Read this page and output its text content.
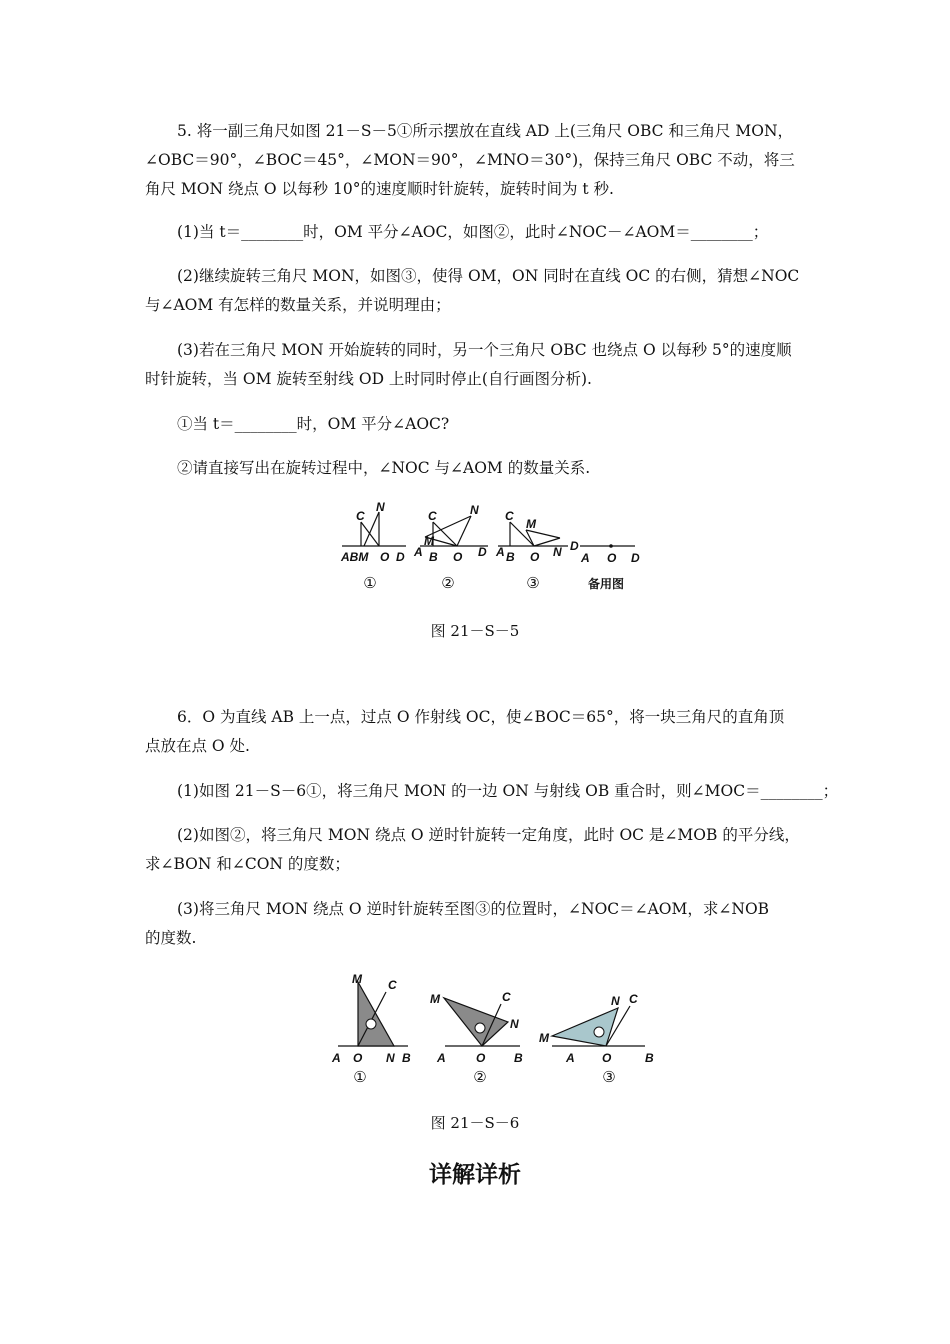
5. 将一副三角尺如图 21－S－5①所示摆放在直线 AD 上(三角尺 OBC 和三角尺 MON，
∠OBC＝90°，∠BOC＝45°，∠MON＝90°，∠MNO＝30°)，保持三角尺 OBC 不动，将三
角尺 MON 绕点 O 以每秒 10°的速度顺时针旋转，旋转时间为 t 秒.
(1)当 t＝________时，OM 平分∠AOC，如图②，此时∠NOC－∠AOM＝________；
(2)继续旋转三角尺 MON，如图③，使得 OM，ON 同时在直线 OC 的右侧，猜想∠NOC
与∠AOM 有怎样的数量关系，并说明理由；
(3)若在三角尺 MON 开始旋转的同时，另一个三角尺 OBC 也绕点 O 以每秒 5°的速度顺
时针旋转，当 OM 旋转至射线 OD 上时同时停止(自行画图分析).
①当 t＝________时，OM 平分∠AOC?
②请直接写出在旋转过程中，∠NOC 与∠AOM 的数量关系.
C
N
ABM O D
C	N
M
A B O D
C
M
A B O N D
A O D
①	②	③	备用图
图 21－S－5
6．O 为直线 AB 上一点，过点 O 作射线 OC，使∠BOC＝65°，将一块三角尺的直角顶
点放在点 O 处.
(1)如图 21－S－6①，将三角尺 MON 的一边 ON 与射线 OB 重合时，则∠MOC＝________；
(2)如图②，将三角尺 MON 绕点 O 逆时针旋转一定角度，此时 OC 是∠MOB 的平分线，
求∠BON 和∠CON 的度数；
(3)将三角尺 MON 绕点 O 逆时针旋转至图③的位置时，∠NOC＝∠AOM，求∠NOB
的度数.
M C
A O N B
M	C
N
A	O B
N C
M
A O	B
①	②	③
图 21－S－6
详解详析
